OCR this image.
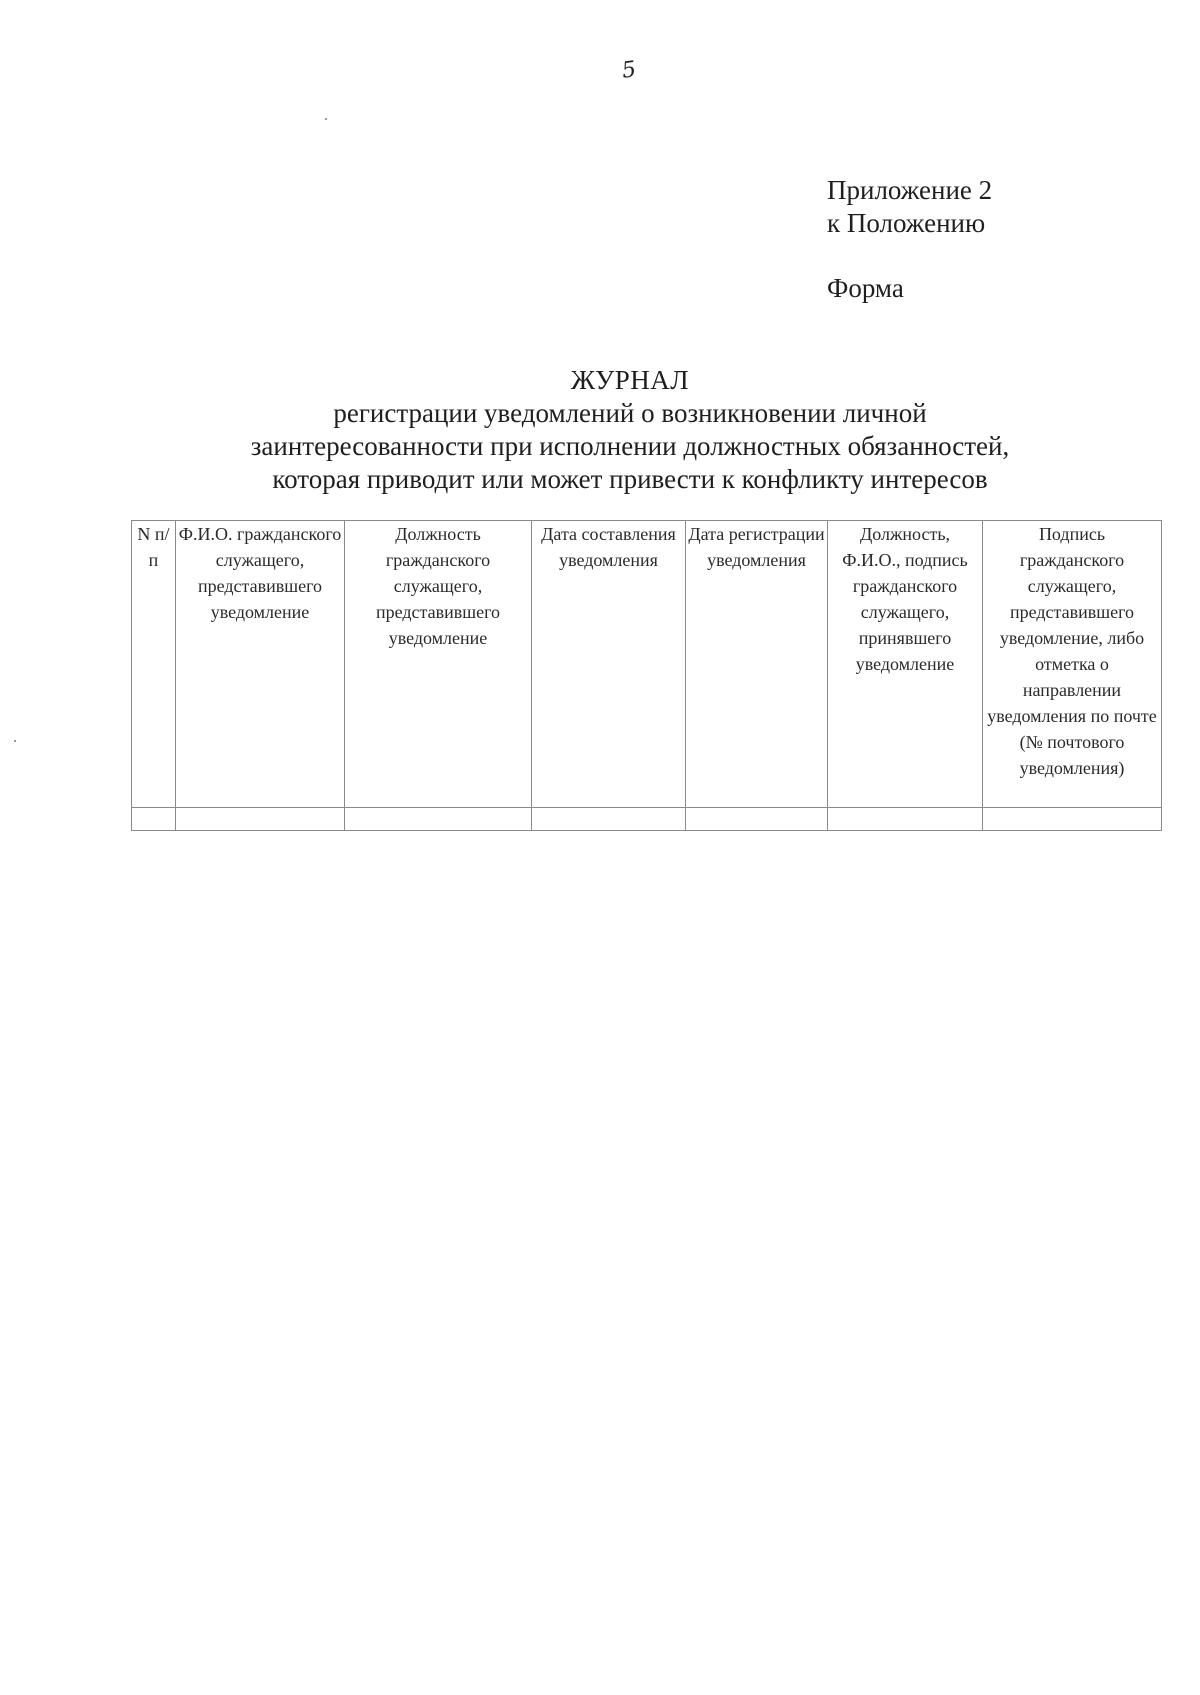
5
Приложение 2
к Положению
Форма
ЖУРНАЛ
регистрации уведомлений о возникновении личной
заинтересованности при исполнении должностных обязанностей,
которая приводит или может привести к конфликту интересов
N п/п	Ф.И.О. гражданского служащего, представившего уведомление	Должность гражданского служащего, представившего уведомление	Дата составления уведомления	Дата регистрации уведомления	Должность, Ф.И.О., подпись гражданского служащего, принявшего уведомление	Подпись гражданского служащего, представившего уведомление, либо отметка о направлении уведомления по почте (№ почтового уведомления)
